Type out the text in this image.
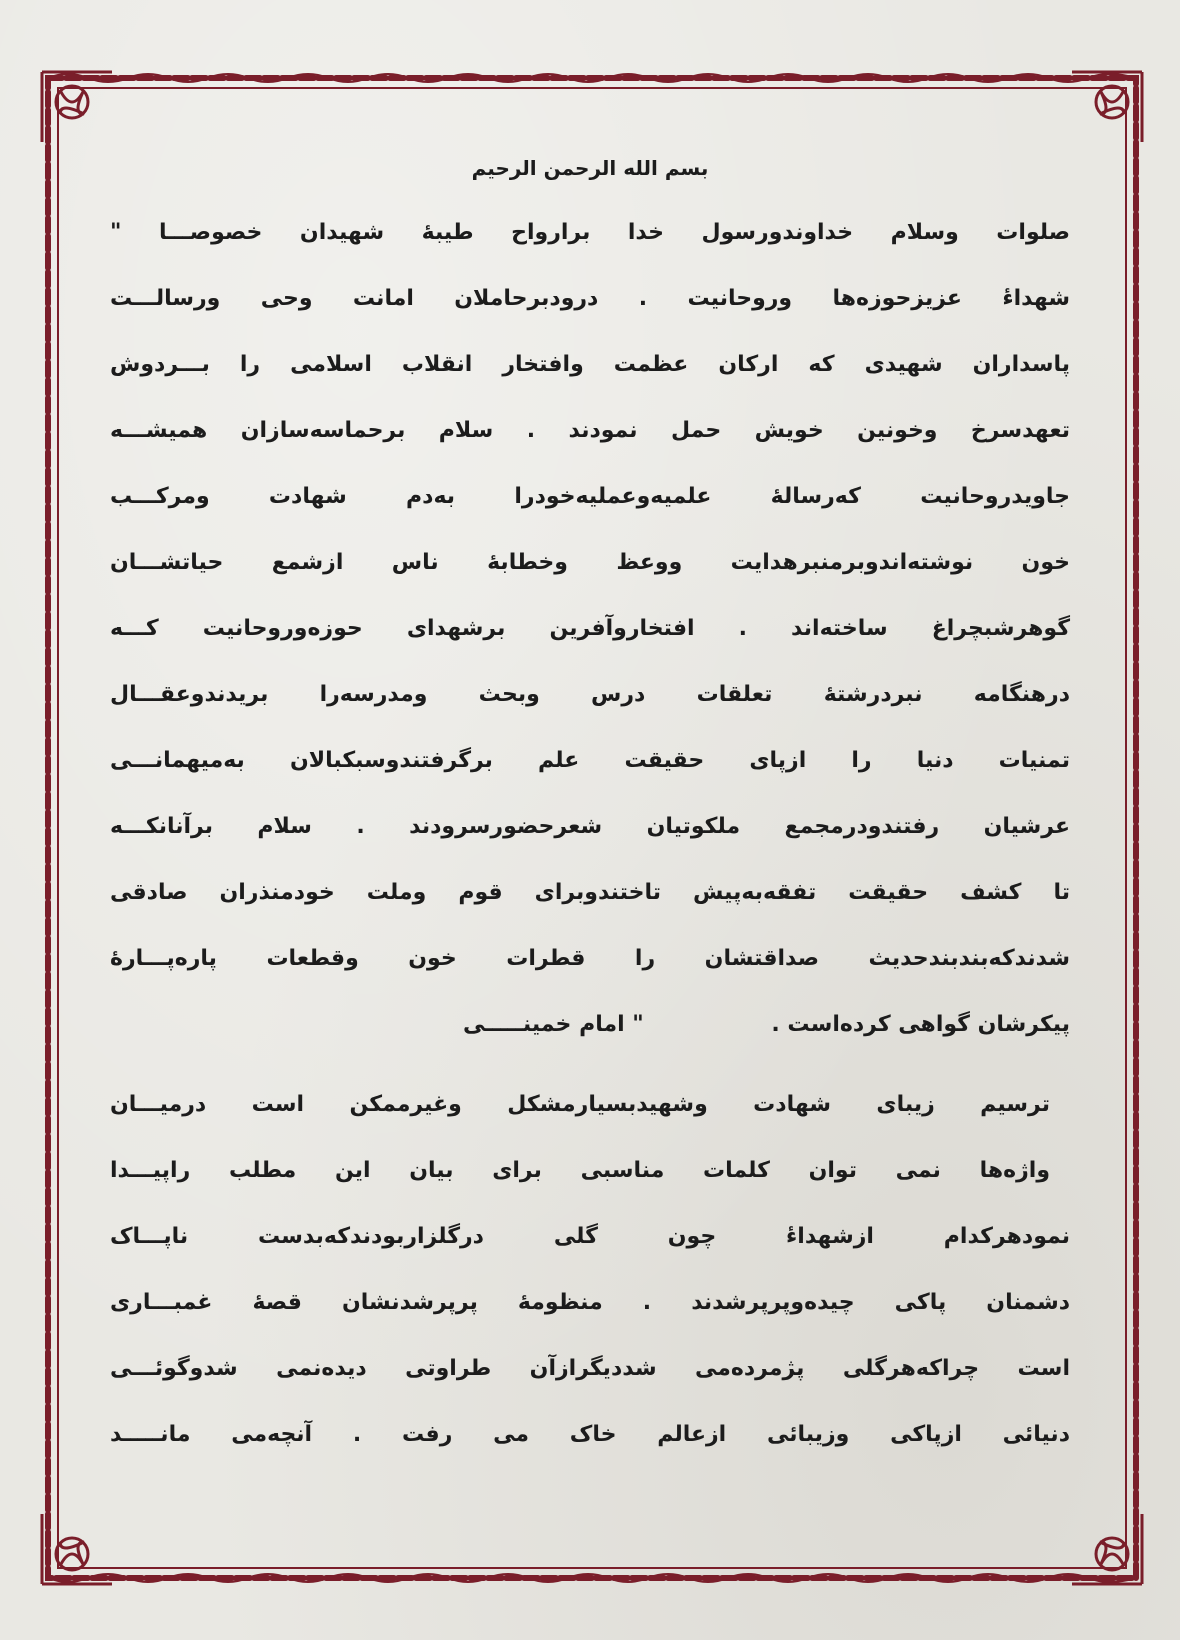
بسم الله الرحمن الرحیم

صلوات وسلام خداوندورسول خدا برارواح طیبهٔ شهیدان خصوصـــا "

شهداءٔ عزیزحوزه‌ها وروحانیت . درودبرحاملان امانت وحی ورسالـــت

پاسداران شهیدی که ارکان عظمت وافتخار انقلاب اسلامی را بـــردوش

تعهدسرخ وخونین خویش حمل نمودند . سلام برحماسه‌سازان همیشـــه

جاویدروحانیت که‌رسالهٔ علمیه‌وعملیه‌خودرا به‌دم شهادت ومرکـــب

خون نوشته‌اندوبرمنبرهدایت ووعظ وخطابهٔ ناس ازشمع حیاتشـــان

گوهرشبچراغ ساخته‌اند . افتخاروآفرین برشهدای حوزه‌وروحانیت کـــه

درهنگامه نبردرشتهٔ تعلقات درس وبحث ومدرسه‌را بریدندوعقـــال

تمنیات دنیا را ازپای حقیقت علم برگرفتندوسبکبالان به‌میهمانـــی

عرشیان رفتندودرمجمع ملکوتیان شعرحضورسرودند . سلام برآنانکـــه

تا کشف حقیقت تفقه‌به‌پیش تاختندوبرای قوم وملت خودمنذران صادقی

شدندکه‌بندبندحدیث صداقتشان را قطرات خون وقطعات پاره‌پـــارهٔ

پیکرشان گواهی کرده‌است . " امام خمینـــــی

ترسیم زیبای شهادت وشهیدبسیارمشکل وغیرممکن است درمیـــان

واژه‌ها نمی توان کلمات مناسبی برای بیان این مطلب راپیـــدا

نمودهرکدام ازشهداءٔ چون گلی درگلزاربودندکه‌بدست ناپـــاک

دشمنان پاکی چیده‌وپرپرشدند . منظومهٔ پرپرشدنشان قصهٔ غمبـــاری

است چراکه‌هرگلی پژمرده‌می شددیگرازآن طراوتی دیده‌نمی شدوگوئـــی

دنیائی ازپاکی وزیبائی ازعالم خاک می رفت . آنچه‌می مانـــــد
